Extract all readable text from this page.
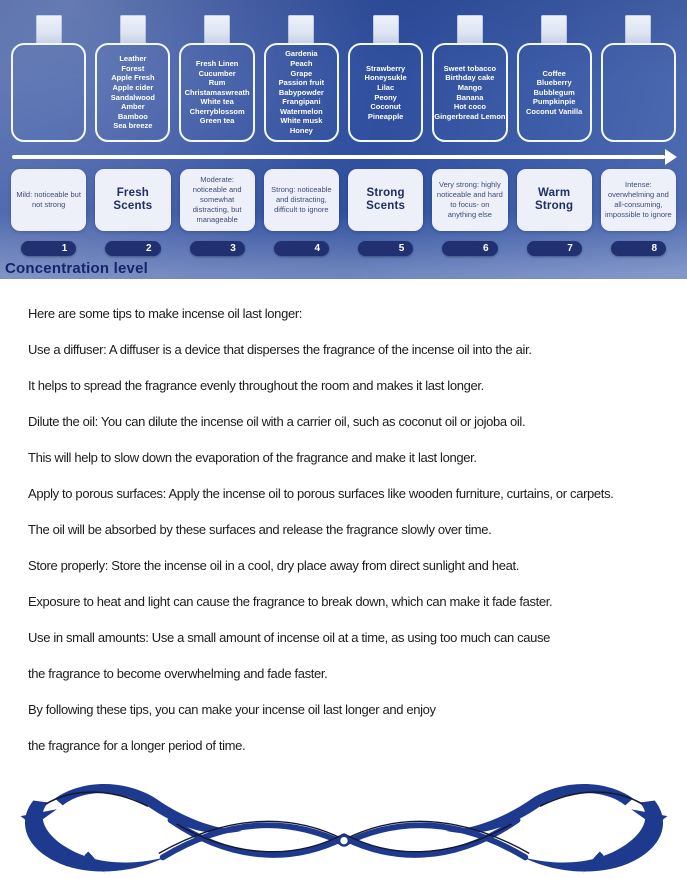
Leather
Forest
Apple Fresh
Apple cider
Sandalwood
Amber
Bamboo
Sea breeze
Fresh Linen
Cucumber
Rum
Christamaswreath
White tea
Cherryblossom
Green tea
Gardenia
Peach
Grape
Passion fruit
Babypowder
Frangipani
Watermelon
White musk
Honey
Strawberry
Honeysukle
Lilac
Peony
Coconut
Pineapple
Sweet tobacco
Birthday cake
Mango
Banana
Hot coco
Gingerbread Lemon
Coffee
Blueberry
Bubblegum
Pumpkinpie
Coconut Vanilla
Mild: noticeable but not strong
Fresh Scents
Moderate: noticeable and somewhat distracting, but manageable
Strong: noticeable and distracting, difficult to ignore
Strong Scents
Very strong: highly noticeable and hard to focus- on anything else
Warm Strong
Intense: overwhelming and all-consuming, impossible to ignore
1	2	3	4	5	6	7	8
Concentration level

Here are some tips to make incense oil last longer:

Use a diffuser: A diffuser is a device that disperses the fragrance of the incense oil into the air.

It helps to spread the fragrance evenly throughout the room and makes it last longer.

Dilute the oil: You can dilute the incense oil with a carrier oil, such as coconut oil or jojoba oil.

This will help to slow down the evaporation of the fragrance and make it last longer.

Apply to porous surfaces: Apply the incense oil to porous surfaces like wooden furniture, curtains, or carpets.

The oil will be absorbed by these surfaces and release the fragrance slowly over time.

Store properly: Store the incense oil in a cool, dry place away from direct sunlight and heat.

Exposure to heat and light can cause the fragrance to break down, which can make it fade faster.

Use in small amounts: Use a small amount of incense oil at a time, as using too much can cause

the fragrance to become overwhelming and fade faster.

By following these tips, you can make your incense oil last longer and enjoy

the fragrance for a longer period of time.
